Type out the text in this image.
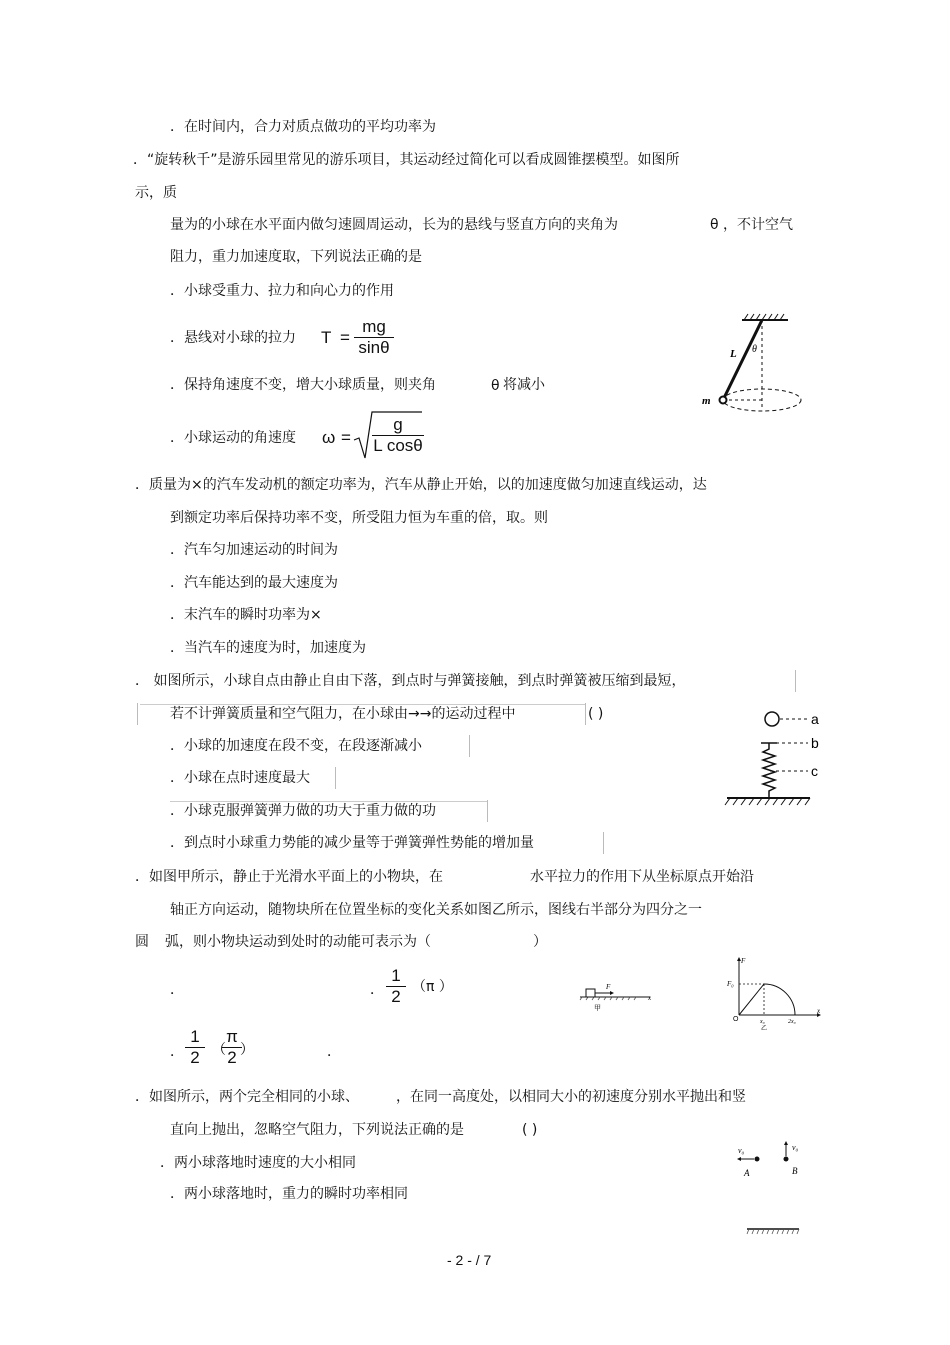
．在时间内，合力对质点做功的平均功率为
．“旋转秋千”是游乐园里常见的游乐项目，其运动经过简化可以看成圆锥摆模型。如图所
示，质
量为的小球在水平面内做匀速圆周运动，长为的悬线与竖直方向的夹角为	θ ，不计空气
阻力，重力加速度取，下列说法正确的是
．小球受重力、拉力和向心力的作用
．悬线对小球的拉力 $T = \frac{mg}{\sin\theta}$
．保持角速度不变，增大小球质量，则夹角	θ 将减小
．小球运动的角速度 $\omega = \frac{g}{\text{L cosθ}}$
L θ
m
．质量为×的汽车发动机的额定功率为，汽车从静止开始，以的加速度做匀加速直线运动，达
到额定功率后保持功率不变，所受阻力恒为车重的倍，取。则
．汽车匀加速运动的时间为
．汽车能达到的最大速度为
．末汽车的瞬时功率为×
．当汽车的速度为时，加速度为
． 如图所示，小球自点由静止自由下落，到点时与弹簧接触，到点时弹簧被压缩到最短，
若不计弹簧质量和空气阻力，在小球由→→的运动过程中	( )
．小球的加速度在段不变，在段逐渐减小
．小球在点时速度最大
．小球克服弹簧弹力做的功大于重力做的功
．到点时小球重力势能的减少量等于弹簧弹性势能的增加量
a
b
c
．如图甲所示，静止于光滑水平面上的小物块，在	水平拉力的作用下从坐标原点开始沿
轴正方向运动，随物块所在位置坐标的变化关系如图乙所示，图线右半部分为四分之一
圆 弧，则小物块运动到处时的动能可表示为（	）
．	． $\frac{1}{2} (\pi$ ）
． $\frac{1}{2}$ （
$\frac{\pi}{2}$
）	．
F
x
甲
F
F₀
x
O	x₀	2x₀
乙
．如图所示，两个完全相同的小球、	，在同一高度处，以相同大小的初速度分别水平抛出和竖
直向上抛出，忽略空气阻力，下列说法正确的是	( )
．两小球落地时速度的大小相同
．两小球落地时，重力的瞬时功率相同
v₀
A
v₀
B
- 2 - / 7
